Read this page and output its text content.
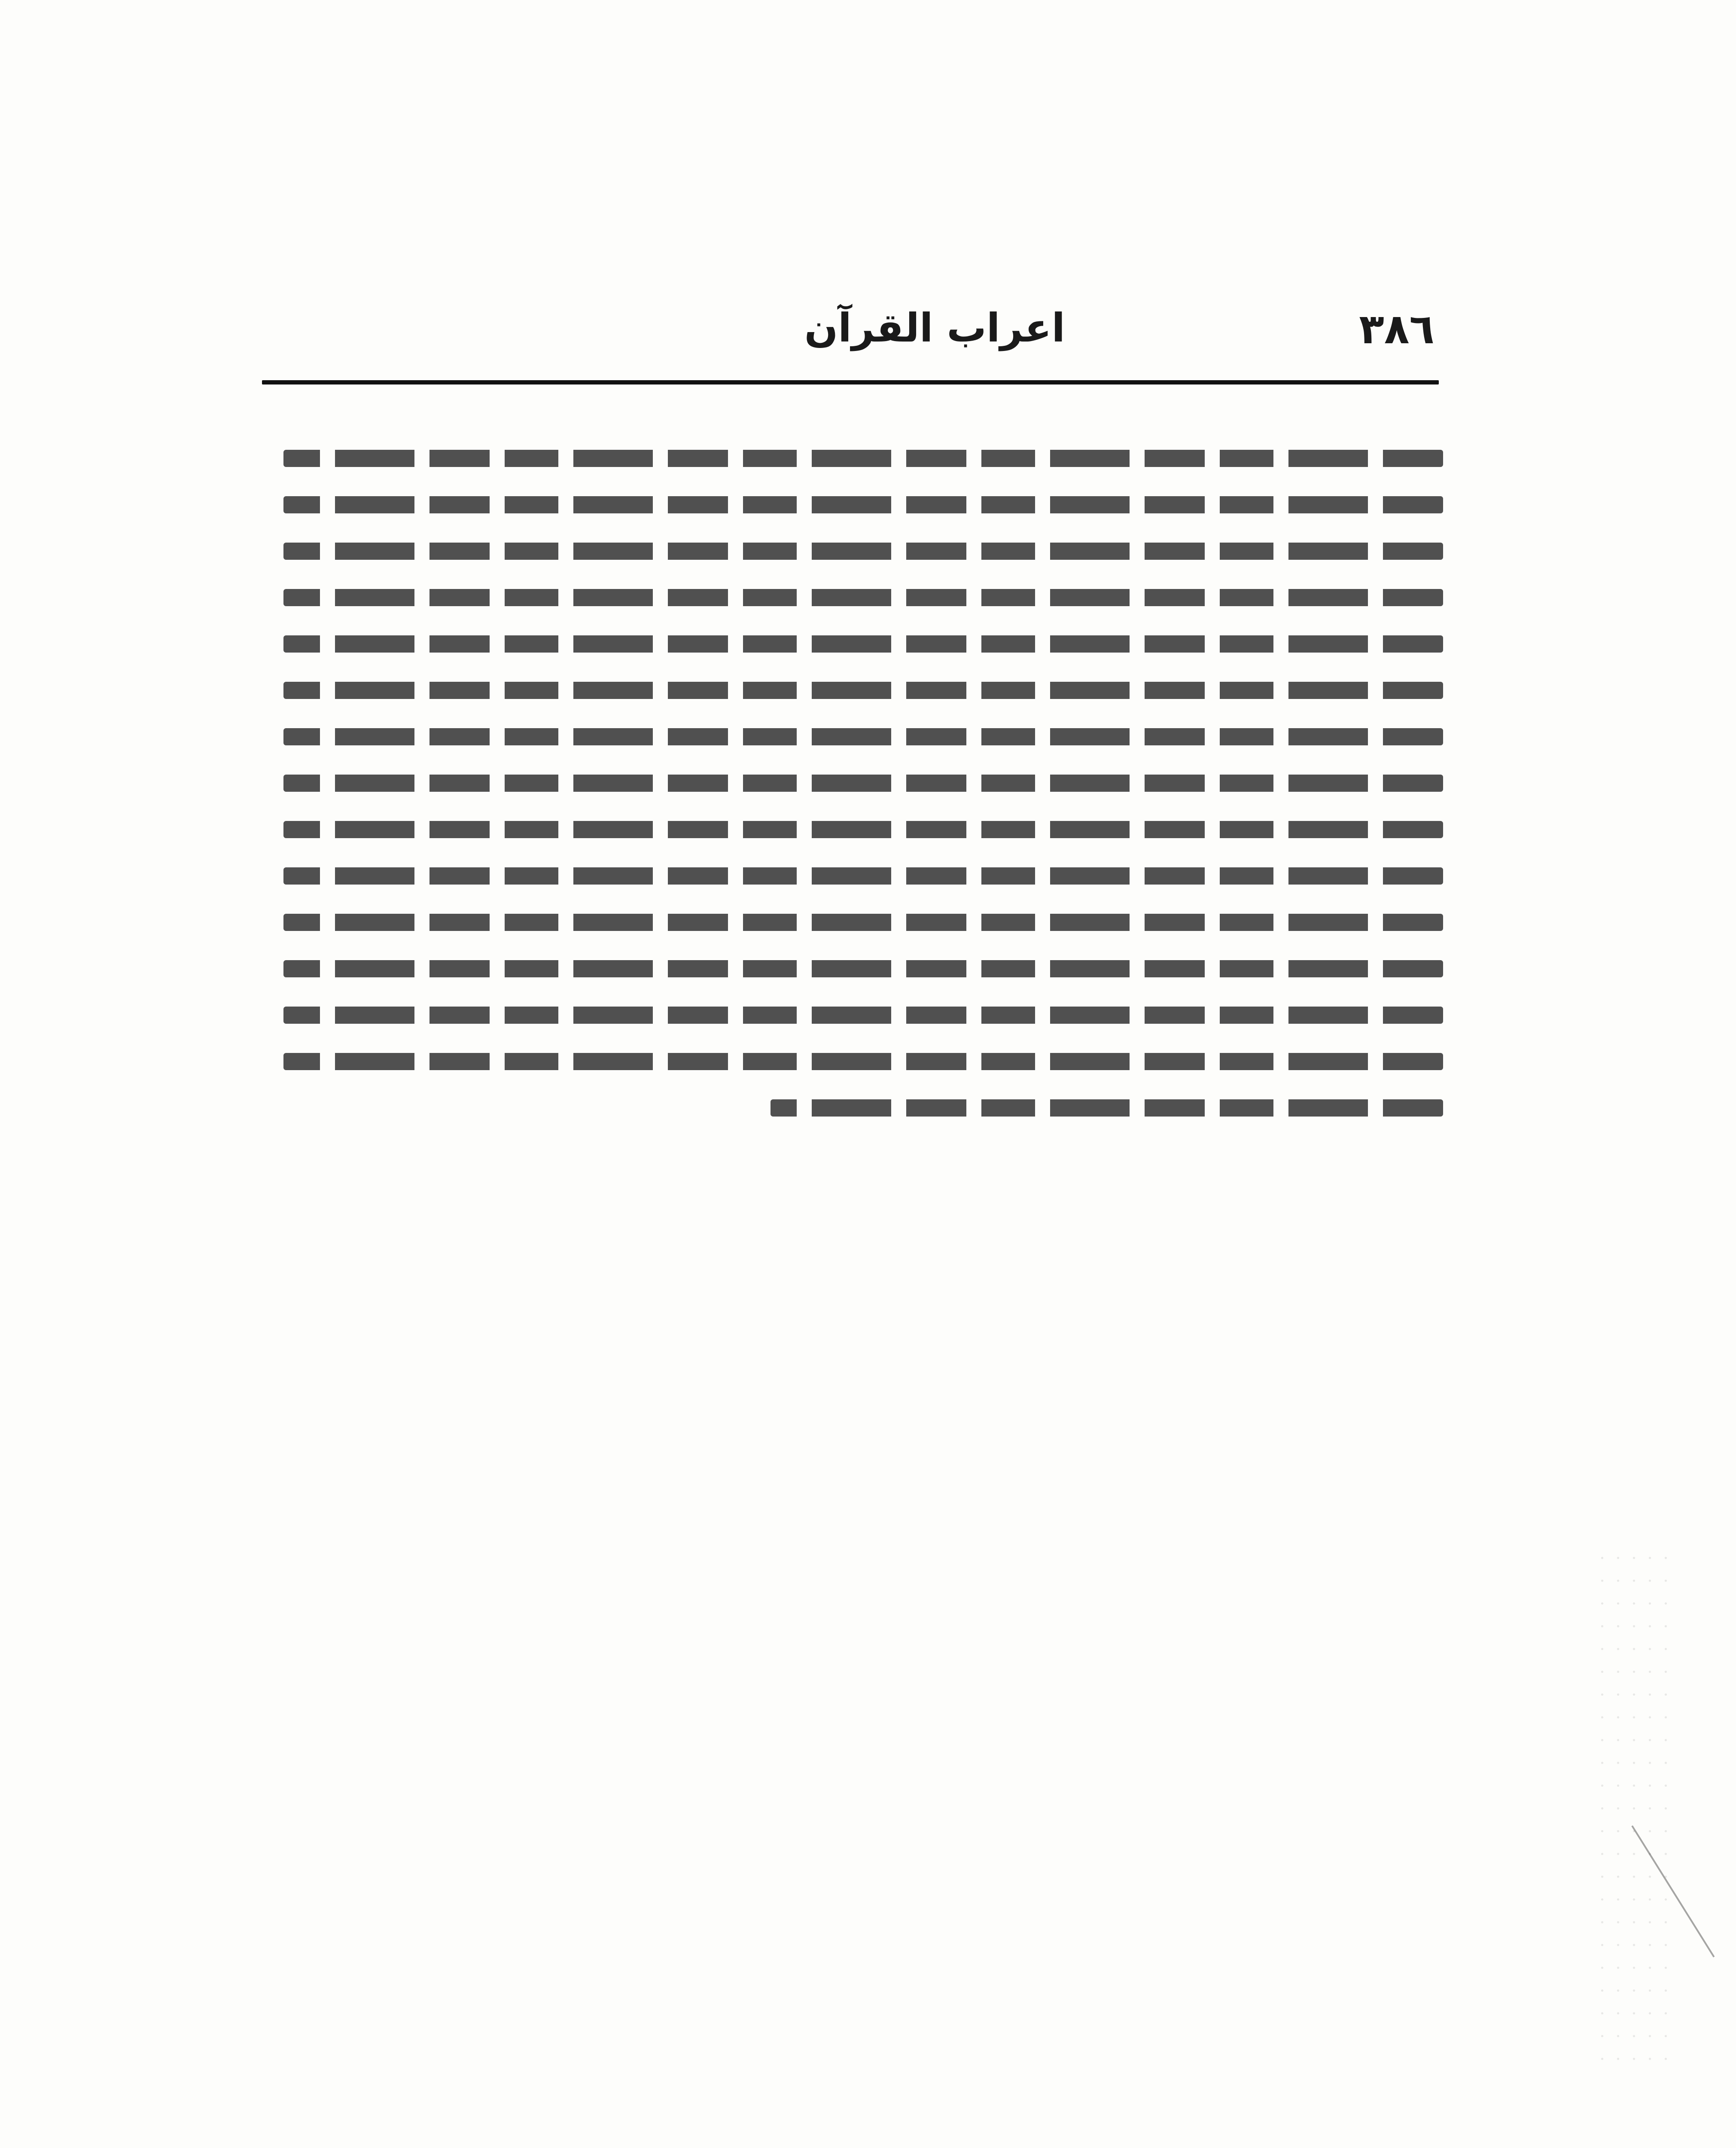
٣٨٦
اعراب القرآن
